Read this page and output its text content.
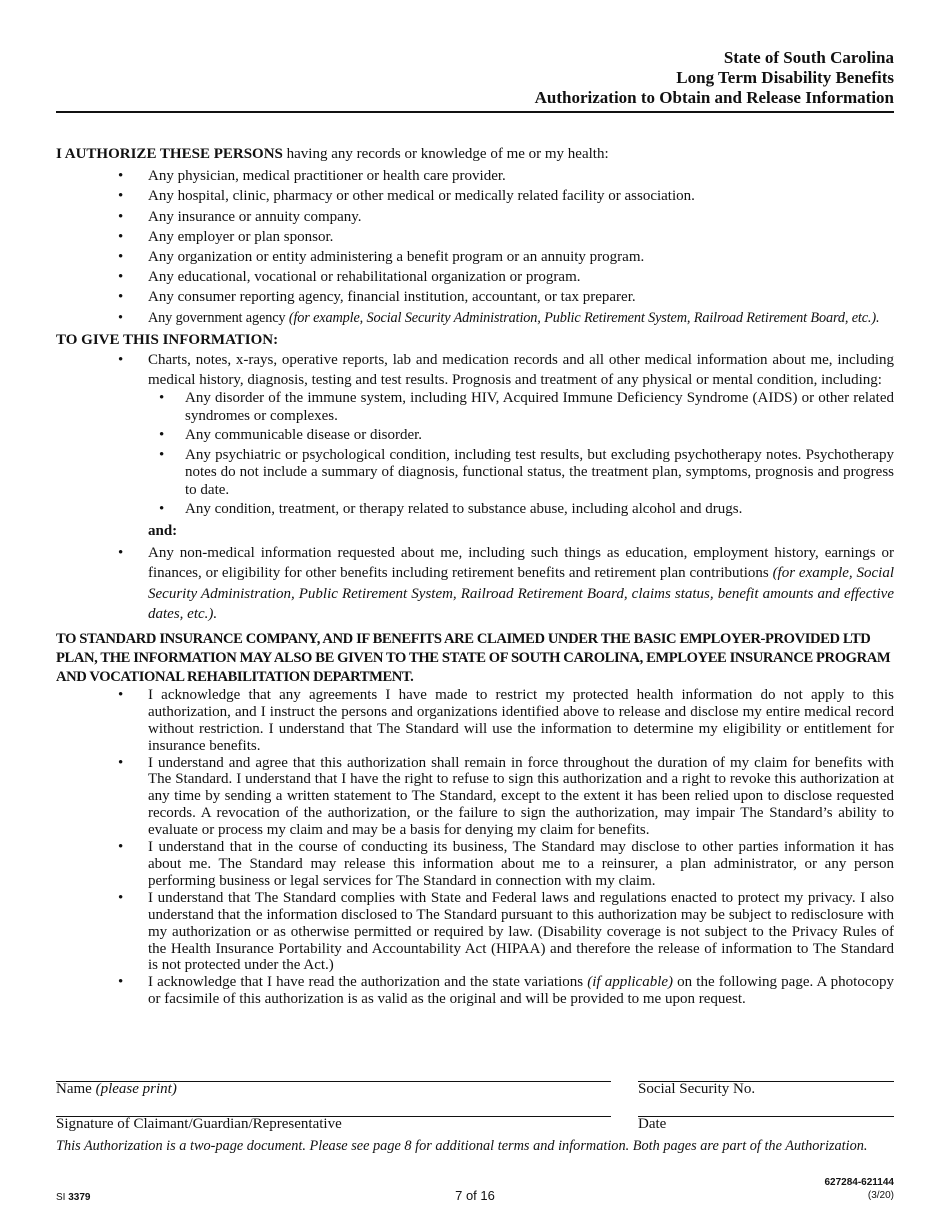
State of South Carolina
Long Term Disability Benefits
Authorization to Obtain and Release Information
I AUTHORIZE THESE PERSONS having any records or knowledge of me or my health:
• Any physician, medical practitioner or health care provider.
• Any hospital, clinic, pharmacy or other medical or medically related facility or association.
• Any insurance or annuity company.
• Any employer or plan sponsor.
• Any organization or entity administering a benefit program or an annuity program.
• Any educational, vocational or rehabilitational organization or program.
• Any consumer reporting agency, financial institution, accountant, or tax preparer.
• Any government agency (for example, Social Security Administration, Public Retirement System, Railroad Retirement Board, etc.).
TO GIVE THIS INFORMATION:
• Charts, notes, x-rays, operative reports, lab and medication records and all other medical information about me, including medical history, diagnosis, testing and test results. Prognosis and treatment of any physical or mental condition, including:
• Any disorder of the immune system, including HIV, Acquired Immune Deficiency Syndrome (AIDS) or other related syndromes or complexes.
• Any communicable disease or disorder.
• Any psychiatric or psychological condition, including test results, but excluding psychotherapy notes. Psychotherapy notes do not include a summary of diagnosis, functional status, the treatment plan, symptoms, prognosis and progress to date.
• Any condition, treatment, or therapy related to substance abuse, including alcohol and drugs.
and:
• Any non-medical information requested about me, including such things as education, employment history, earnings or finances, or eligibility for other benefits including retirement benefits and retirement plan contributions (for example, Social Security Administration, Public Retirement System, Railroad Retirement Board, claims status, benefit amounts and effective dates, etc.).
TO STANDARD INSURANCE COMPANY, AND IF BENEFITS ARE CLAIMED UNDER THE BASIC EMPLOYER-PROVIDED LTD PLAN, THE INFORMATION MAY ALSO BE GIVEN TO THE STATE OF SOUTH CAROLINA, EMPLOYEE INSURANCE PROGRAM AND VOCATIONAL REHABILITATION DEPARTMENT.
• I acknowledge that any agreements I have made to restrict my protected health information do not apply to this authorization, and I instruct the persons and organizations identified above to release and disclose my entire medical record without restriction. I understand that The Standard will use the information to determine my eligibility or entitlement for insurance benefits.
• I understand and agree that this authorization shall remain in force throughout the duration of my claim for benefits with The Standard. I understand that I have the right to refuse to sign this authorization and a right to revoke this authorization at any time by sending a written statement to The Standard, except to the extent it has been relied upon to disclose requested records. A revocation of the authorization, or the failure to sign the authorization, may impair The Standard’s ability to evaluate or process my claim and may be a basis for denying my claim for benefits.
• I understand that in the course of conducting its business, The Standard may disclose to other parties information it has about me. The Standard may release this information about me to a reinsurer, a plan administrator, or any person performing business or legal services for The Standard in connection with my claim.
• I understand that The Standard complies with State and Federal laws and regulations enacted to protect my privacy. I also understand that the information disclosed to The Standard pursuant to this authorization may be subject to redisclosure with my authorization or as otherwise permitted or required by law. (Disability coverage is not subject to the Privacy Rules of the Health Insurance Portability and Accountability Act (HIPAA) and therefore the release of information to The Standard is not protected under the Act.)
• I acknowledge that I have read the authorization and the state variations (if applicable) on the following page. A photocopy or facsimile of this authorization is as valid as the original and will be provided to me upon request.
Name (please print)	Social Security No.
Signature of Claimant/Guardian/Representative	Date
This Authorization is a two-page document. Please see page 8 for additional terms and information. Both pages are part of the Authorization.
SI 3379	7 of 16
627284-621144
(3/20)
